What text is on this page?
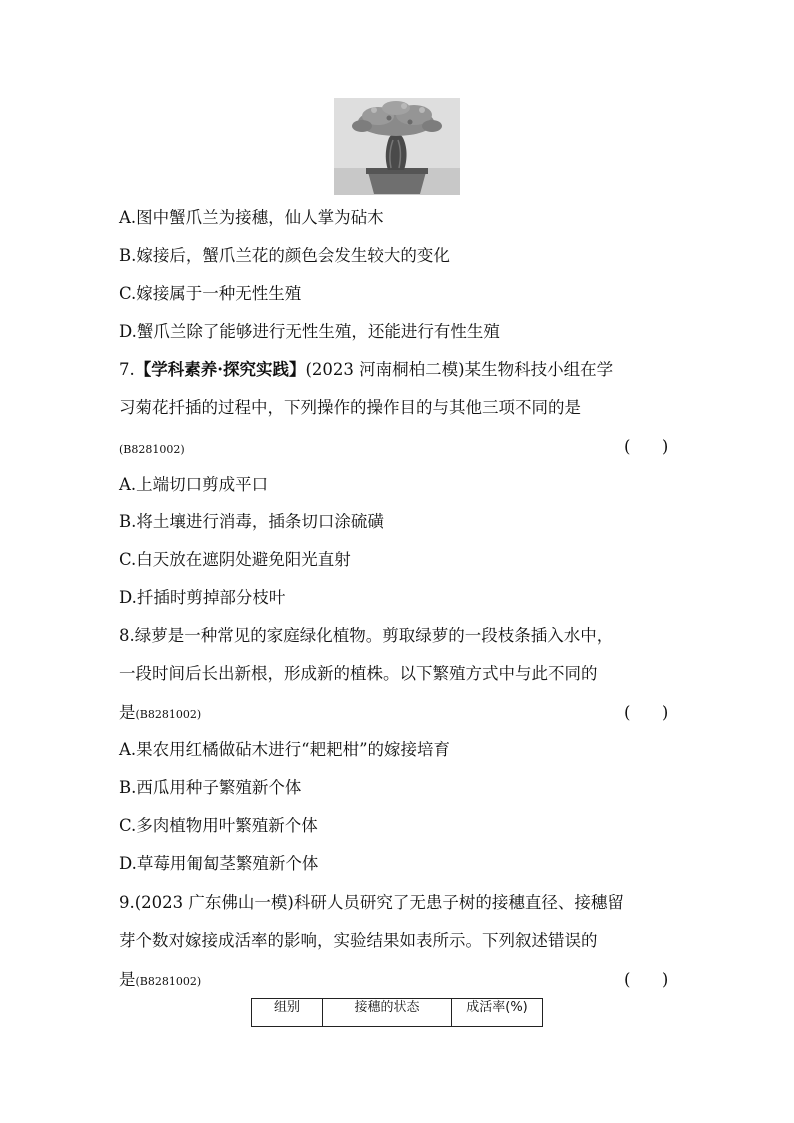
A.图中蟹爪兰为接穗，仙人掌为砧木
B.嫁接后，蟹爪兰花的颜色会发生较大的变化
C.嫁接属于一种无性生殖
D.蟹爪兰除了能够进行无性生殖，还能进行有性生殖
7.【学科素养·探究实践】(2023 河南桐柏二模)某生物科技小组在学
习菊花扦插的过程中，下列操作的操作目的与其他三项不同的是
(B8281002)	(      )
A.上端切口剪成平口
B.将土壤进行消毒，插条切口涂硫磺
C.白天放在遮阴处避免阳光直射
D.扦插时剪掉部分枝叶
8.绿萝是一种常见的家庭绿化植物。剪取绿萝的一段枝条插入水中，
一段时间后长出新根，形成新的植株。以下繁殖方式中与此不同的
是(B8281002)	(      )
A.果农用红橘做砧木进行“耙耙柑”的嫁接培育
B.西瓜用种子繁殖新个体
C.多肉植物用叶繁殖新个体
D.草莓用匍匐茎繁殖新个体
9.(2023 广东佛山一模)科研人员研究了无患子树的接穗直径、接穗留
芽个数对嫁接成活率的影响，实验结果如表所示。下列叙述错误的
是(B8281002)	(      )
组别	接穗的状态	成活率(%)
